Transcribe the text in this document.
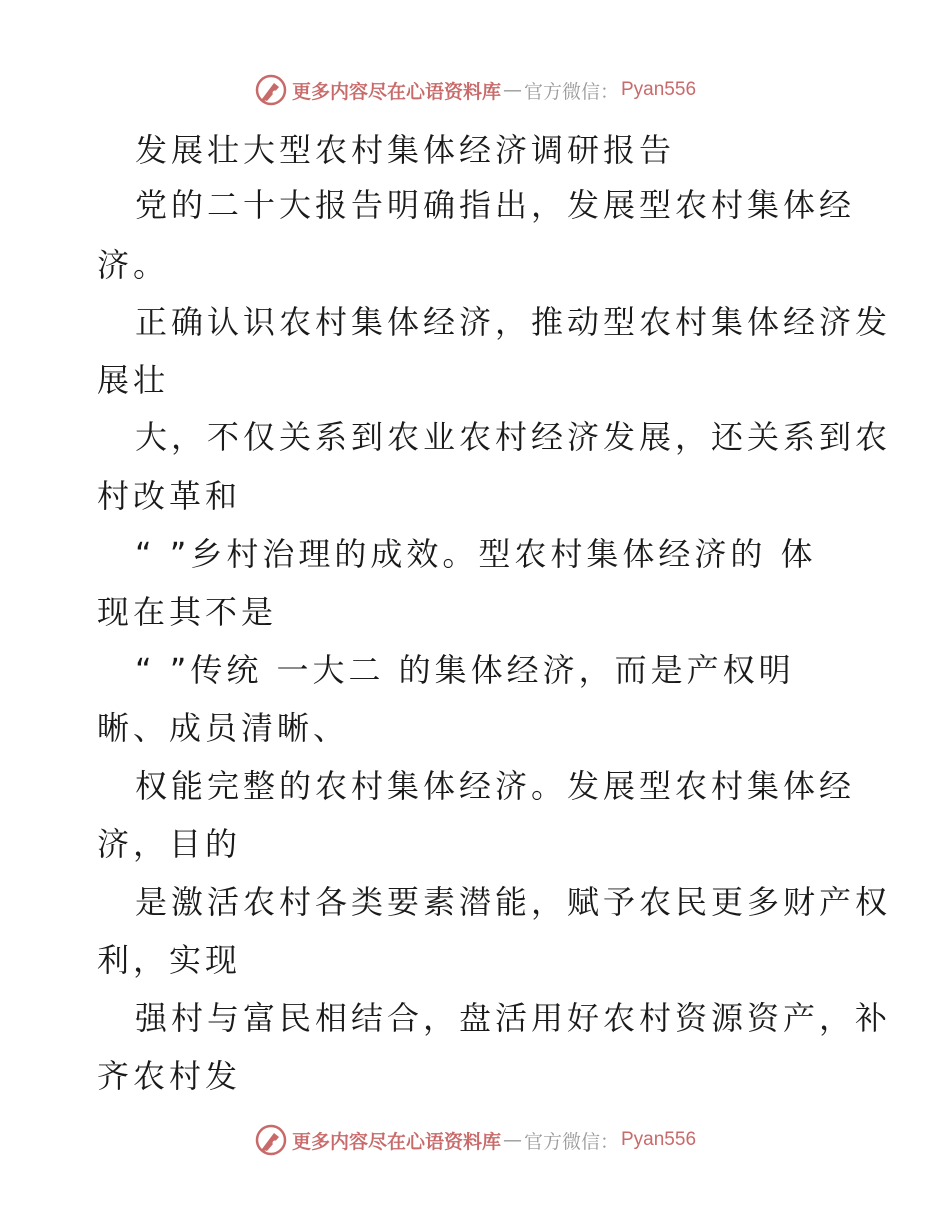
更多内容尽在心语资料库 — 官方微信： Pyan556
发展壮大型农村集体经济调研报告
党的二十大报告明确指出，发展型农村集体经
济。
正确认识农村集体经济，推动型农村集体经济发
展壮
大，不仅关系到农业农村经济发展，还关系到农
村改革和
“ ”乡村治理的成效。型农村集体经济的 体
现在其不是
“ ”传统 一大二 的集体经济，而是产权明
晰、成员清晰、
权能完整的农村集体经济。发展型农村集体经
济，目的
是激活农村各类要素潜能，赋予农民更多财产权
利，实现
强村与富民相结合，盘活用好农村资源资产，补
齐农村发
更多内容尽在心语资料库 — 官方微信： Pyan556
